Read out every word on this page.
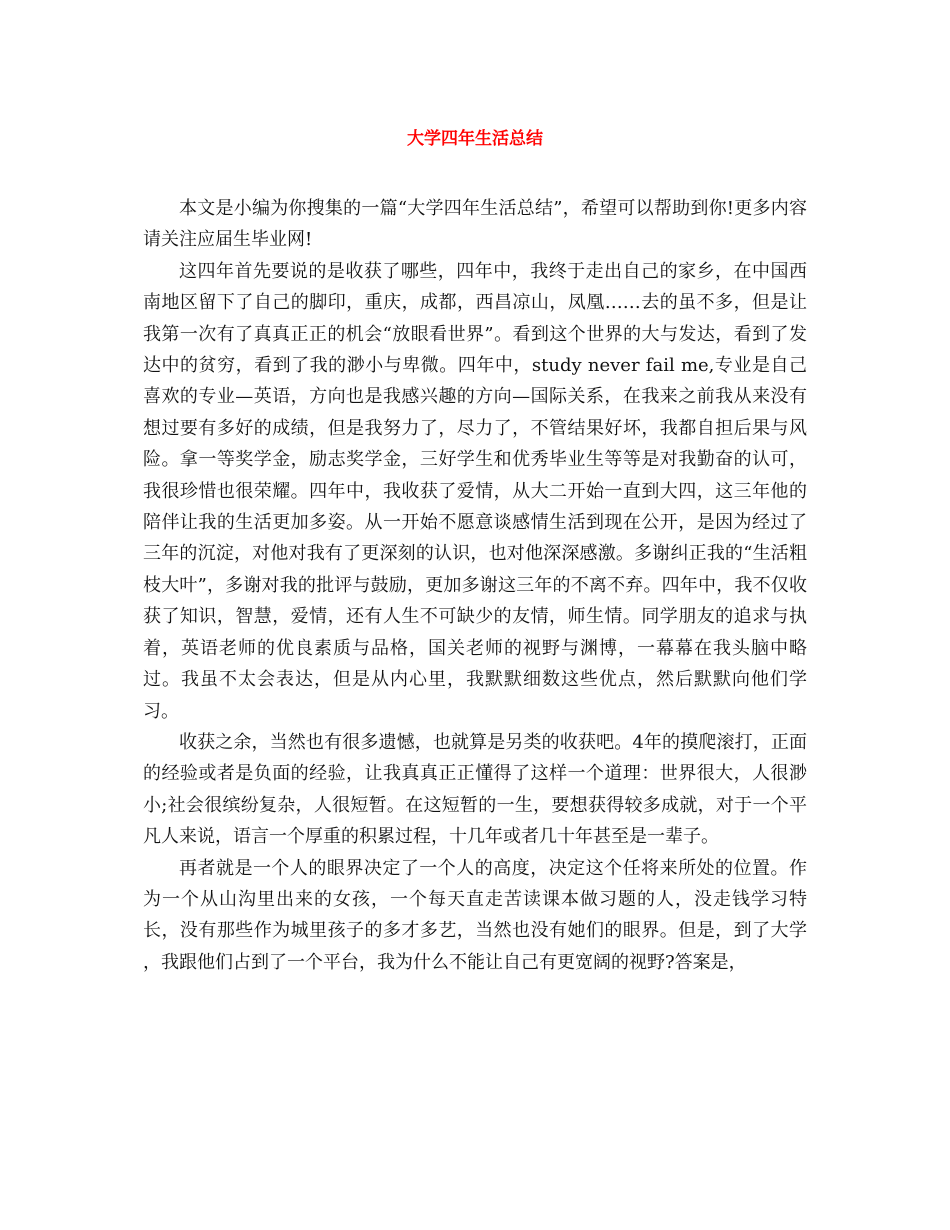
大学四年生活总结

本文是小编为你搜集的一篇“大学四年生活总结”，希望可以帮助到你!更多内容请关注应届生毕业网!

这四年首先要说的是收获了哪些，四年中，我终于走出自己的家乡，在中国西南地区留下了自己的脚印，重庆，成都，西昌凉山，凤凰……去的虽不多，但是让我第一次有了真真正正的机会“放眼看世界”。看到这个世界的大与发达，看到了发达中的贫穷，看到了我的渺小与卑微。四年中，study never fail me,专业是自己喜欢的专业—英语，方向也是我感兴趣的方向—国际关系，在我来之前我从来没有想过要有多好的成绩，但是我努力了，尽力了，不管结果好坏，我都自担后果与风险。拿一等奖学金，励志奖学金，三好学生和优秀毕业生等等是对我勤奋的认可，我很珍惜也很荣耀。四年中，我收获了爱情，从大二开始一直到大四，这三年他的陪伴让我的生活更加多姿。从一开始不愿意谈感情生活到现在公开，是因为经过了三年的沉淀，对他对我有了更深刻的认识，也对他深深感激。多谢纠正我的“生活粗枝大叶”，多谢对我的批评与鼓励，更加多谢这三年的不离不弃。四年中，我不仅收获了知识，智慧，爱情，还有人生不可缺少的友情，师生情。同学朋友的追求与执着，英语老师的优良素质与品格，国关老师的视野与渊博，一幕幕在我头脑中略过。我虽不太会表达，但是从内心里，我默默细数这些优点，然后默默向他们学习。

收获之余，当然也有很多遗憾，也就算是另类的收获吧。4年的摸爬滚打，正面的经验或者是负面的经验，让我真真正正懂得了这样一个道理：世界很大，人很渺小;社会很缤纷复杂，人很短暂。在这短暂的一生，要想获得较多成就，对于一个平凡人来说，语言一个厚重的积累过程，十几年或者几十年甚至是一辈子。

再者就是一个人的眼界决定了一个人的高度，决定这个任将来所处的位置。作为一个从山沟里出来的女孩，一个每天直走苦读课本做习题的人，没走钱学习特长，没有那些作为城里孩子的多才多艺，当然也没有她们的眼界。但是，到了大学 ，我跟他们占到了一个平台，我为什么不能让自己有更宽阔的视野?答案是，
